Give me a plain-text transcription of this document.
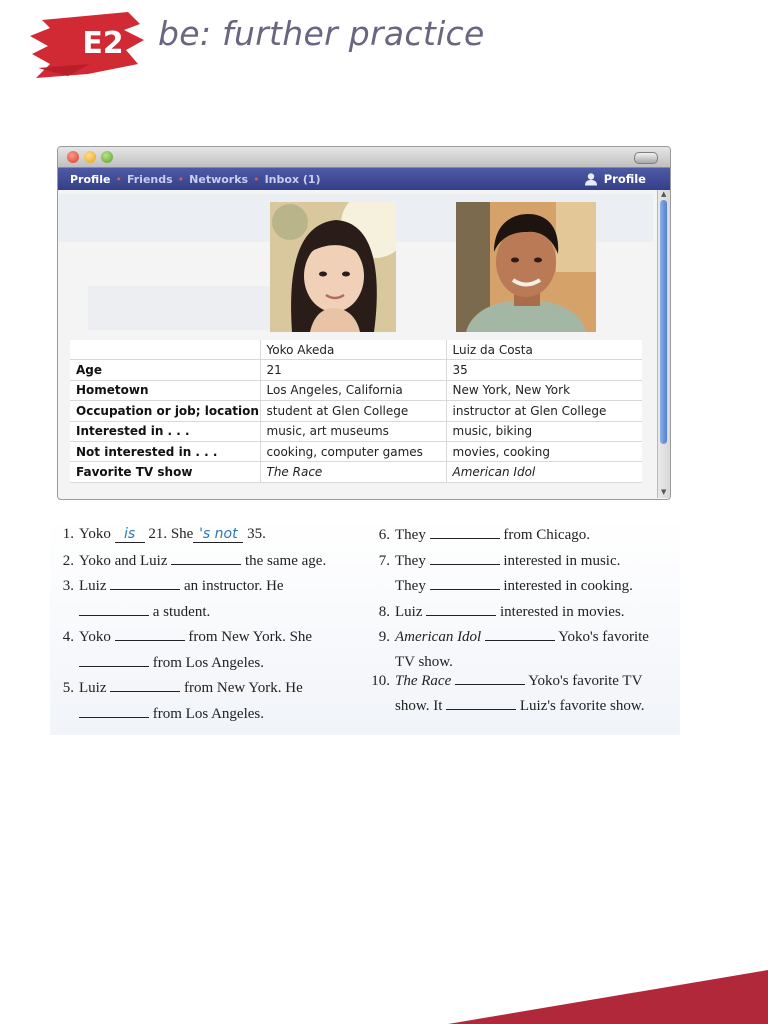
E2	be: further practice
Profile • Friends • Networks • Inbox (1)	Profile
	Yoko Akeda	Luiz da Costa
Age	21	35
Hometown	Los Angeles, California	New York, New York
Occupation or job; location	student at Glen College	instructor at Glen College
Interested in . . .	music, art museums	music, biking
Not interested in . . .	cooking, computer games	movies, cooking
Favorite TV show	The Race	American Idol
▲
▼
1. Yoko is 21. She 's not 35.
2. Yoko and Luiz	the same age.
3. Luiz	an instructor. He
a student.
4. Yoko	from New York. She
from Los Angeles.
5. Luiz	from New York. He
from Los Angeles.
6. They	from Chicago.
7. They	interested in music.
They	interested in cooking.
8. Luiz	interested in movies.
9. American Idol	Yoko's favorite
TV show.
10. The Race	Yoko's favorite TV
show. It	Luiz's favorite show.
